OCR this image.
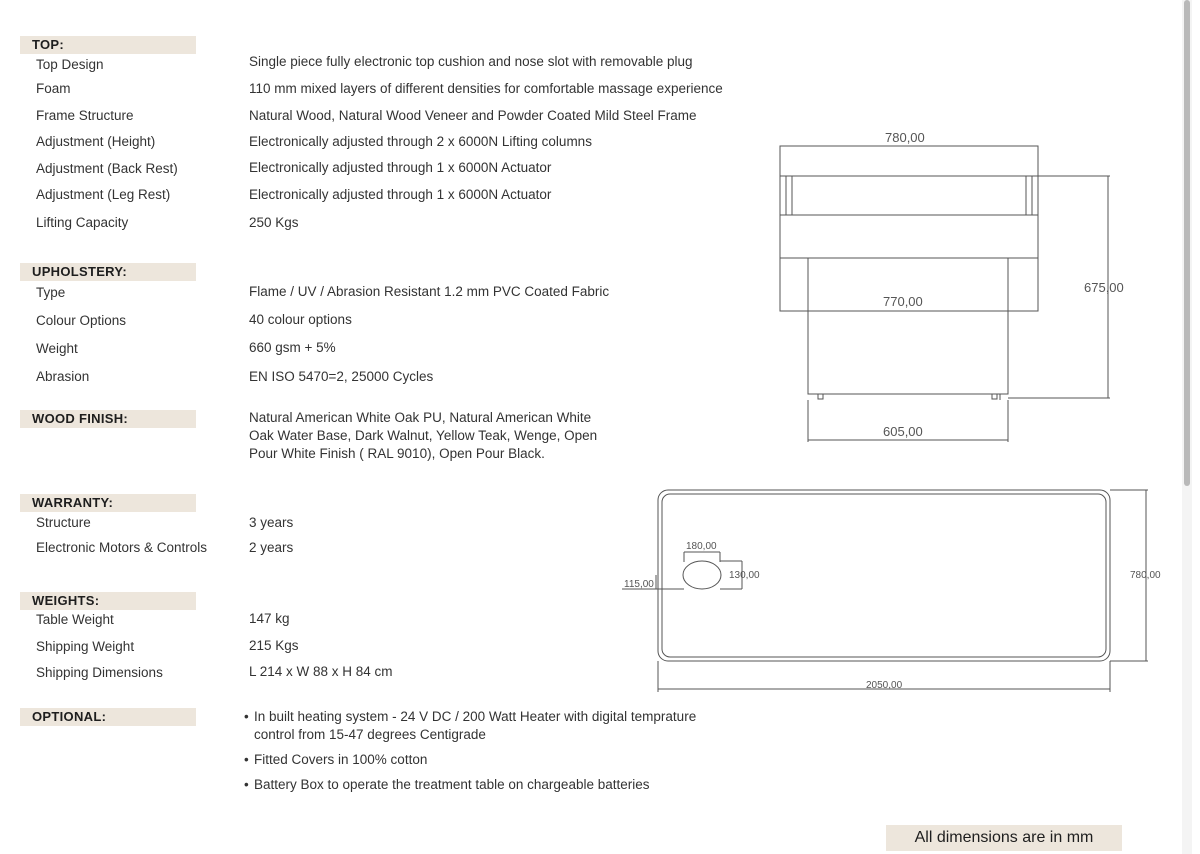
TOP:
Top Design	Single piece fully electronic top cushion and nose slot with removable plug
Foam	110 mm mixed layers of different densities for comfortable massage experience
Frame Structure	Natural Wood, Natural Wood Veneer and Powder Coated Mild Steel Frame
Adjustment (Height)	Electronically adjusted through 2 x 6000N Lifting columns
Adjustment (Back Rest)	Electronically adjusted through 1 x 6000N Actuator
Adjustment (Leg Rest)	Electronically adjusted through 1 x 6000N Actuator
Lifting Capacity	250 Kgs
UPHOLSTERY:
Type	Flame / UV / Abrasion Resistant 1.2 mm PVC Coated Fabric
Colour Options	40 colour options
Weight	660 gsm + 5%
Abrasion	EN ISO 5470=2, 25000 Cycles
WOOD FINISH:	Natural American White Oak PU, Natural American White
Oak Water Base, Dark Walnut, Yellow Teak, Wenge, Open
Pour White Finish ( RAL 9010), Open Pour Black.
WARRANTY:
Structure	3 years
Electronic Motors & Controls	2 years
WEIGHTS:
Table Weight	147 kg
Shipping Weight	215 Kgs
Shipping Dimensions	L 214 x W 88 x H 84 cm
OPTIONAL:	• In built heating system - 24 V DC / 200 Watt Heater with digital temprature
control from 15-47 degrees Centigrade
• Fitted Covers in 100% cotton
• Battery Box to operate the treatment table on chargeable batteries
780,00
770,00
605,00
675,00
180,00
130,00
115,00
780,00
2050,00
All dimensions are in mm
